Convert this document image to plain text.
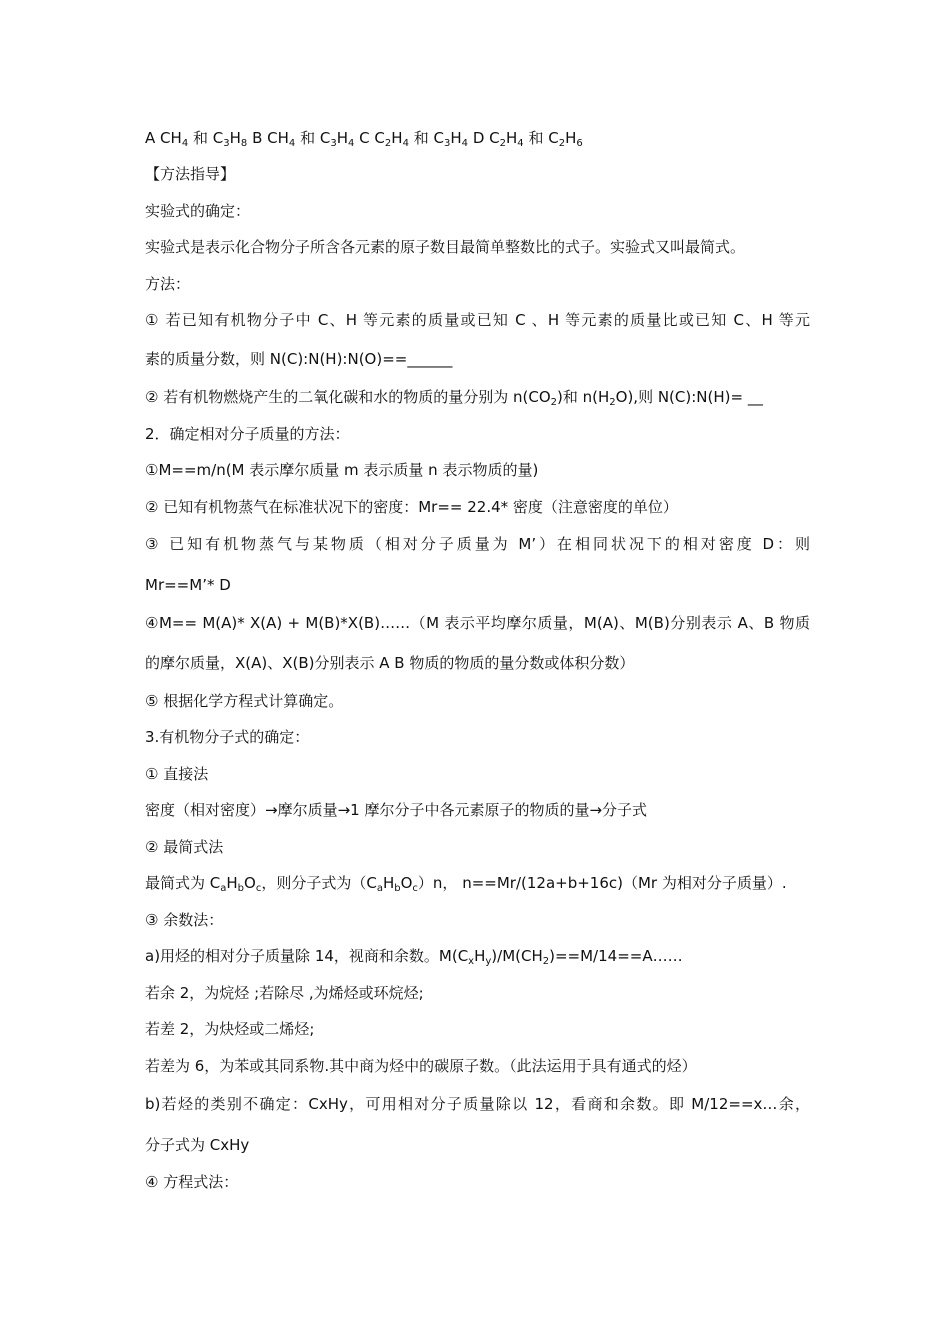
A $CH_4$ 和 $C_3H_8$ B $CH_4$ 和 $C_3H_4$ C $C_2H_4$ 和 $C_3H_4$ D $C_2H_4$ 和 $C_2H_6$
【方法指导】
实验式的确定：
实验式是表示化合物分子所含各元素的原子数目最简单整数比的式子。实验式又叫最简式。
方法：
① 若已知有机物分子中 C、H 等元素的质量或已知 C 、H 等元素的质量比或已知 C、H 等元
素的质量分数，则 N(C):N(H):N(O)==______
② 若有机物燃烧产生的二氧化碳和水的物质的量分别为 $n(CO_2)$和 $n(H_2O)$,则 N(C):N(H)= __
2．确定相对分子质量的方法：
①M==m/n(M 表示摩尔质量 m 表示质量 n 表示物质的量)
② 已知有机物蒸气在标准状况下的密度：Mr== 22.4* 密度（注意密度的单位）
③ 已知有机物蒸气与某物质（相对分子质量为 M’）在相同状况下的相对密度 D：则
Mr==M’* D
④M== M(A)* X(A) + M(B)*X(B)……（M 表示平均摩尔质量，M(A)、M(B)分别表示 A、B 物质
的摩尔质量，X(A)、X(B)分别表示 A B 物质的物质的量分数或体积分数）
⑤ 根据化学方程式计算确定。
3.有机物分子式的确定：
① 直接法
密度（相对密度）→摩尔质量→1 摩尔分子中各元素原子的物质的量→分子式
② 最简式法
最简式为 $C_aH_bO_c$，则分子式为$(C_aH_bO_c)n$， n==Mr/(12a+b+16c)（Mr 为相对分子质量）.
③ 余数法：
a)用烃的相对分子质量除 14，视商和余数。$M(C_xH_y)/M(CH_2)==M/14==A\dots\dots$
若余 2，为烷烃 ;若除尽 ,为烯烃或环烷烃;
若差 2，为炔烃或二烯烃;
若差为 6，为苯或其同系物.其中商为烃中的碳原子数。（此法运用于具有通式的烃）
b)若烃的类别不确定：CxHy，可用相对分子质量除以 12，看商和余数。即 M/12==x…余，
分子式为 CxHy
④ 方程式法：
